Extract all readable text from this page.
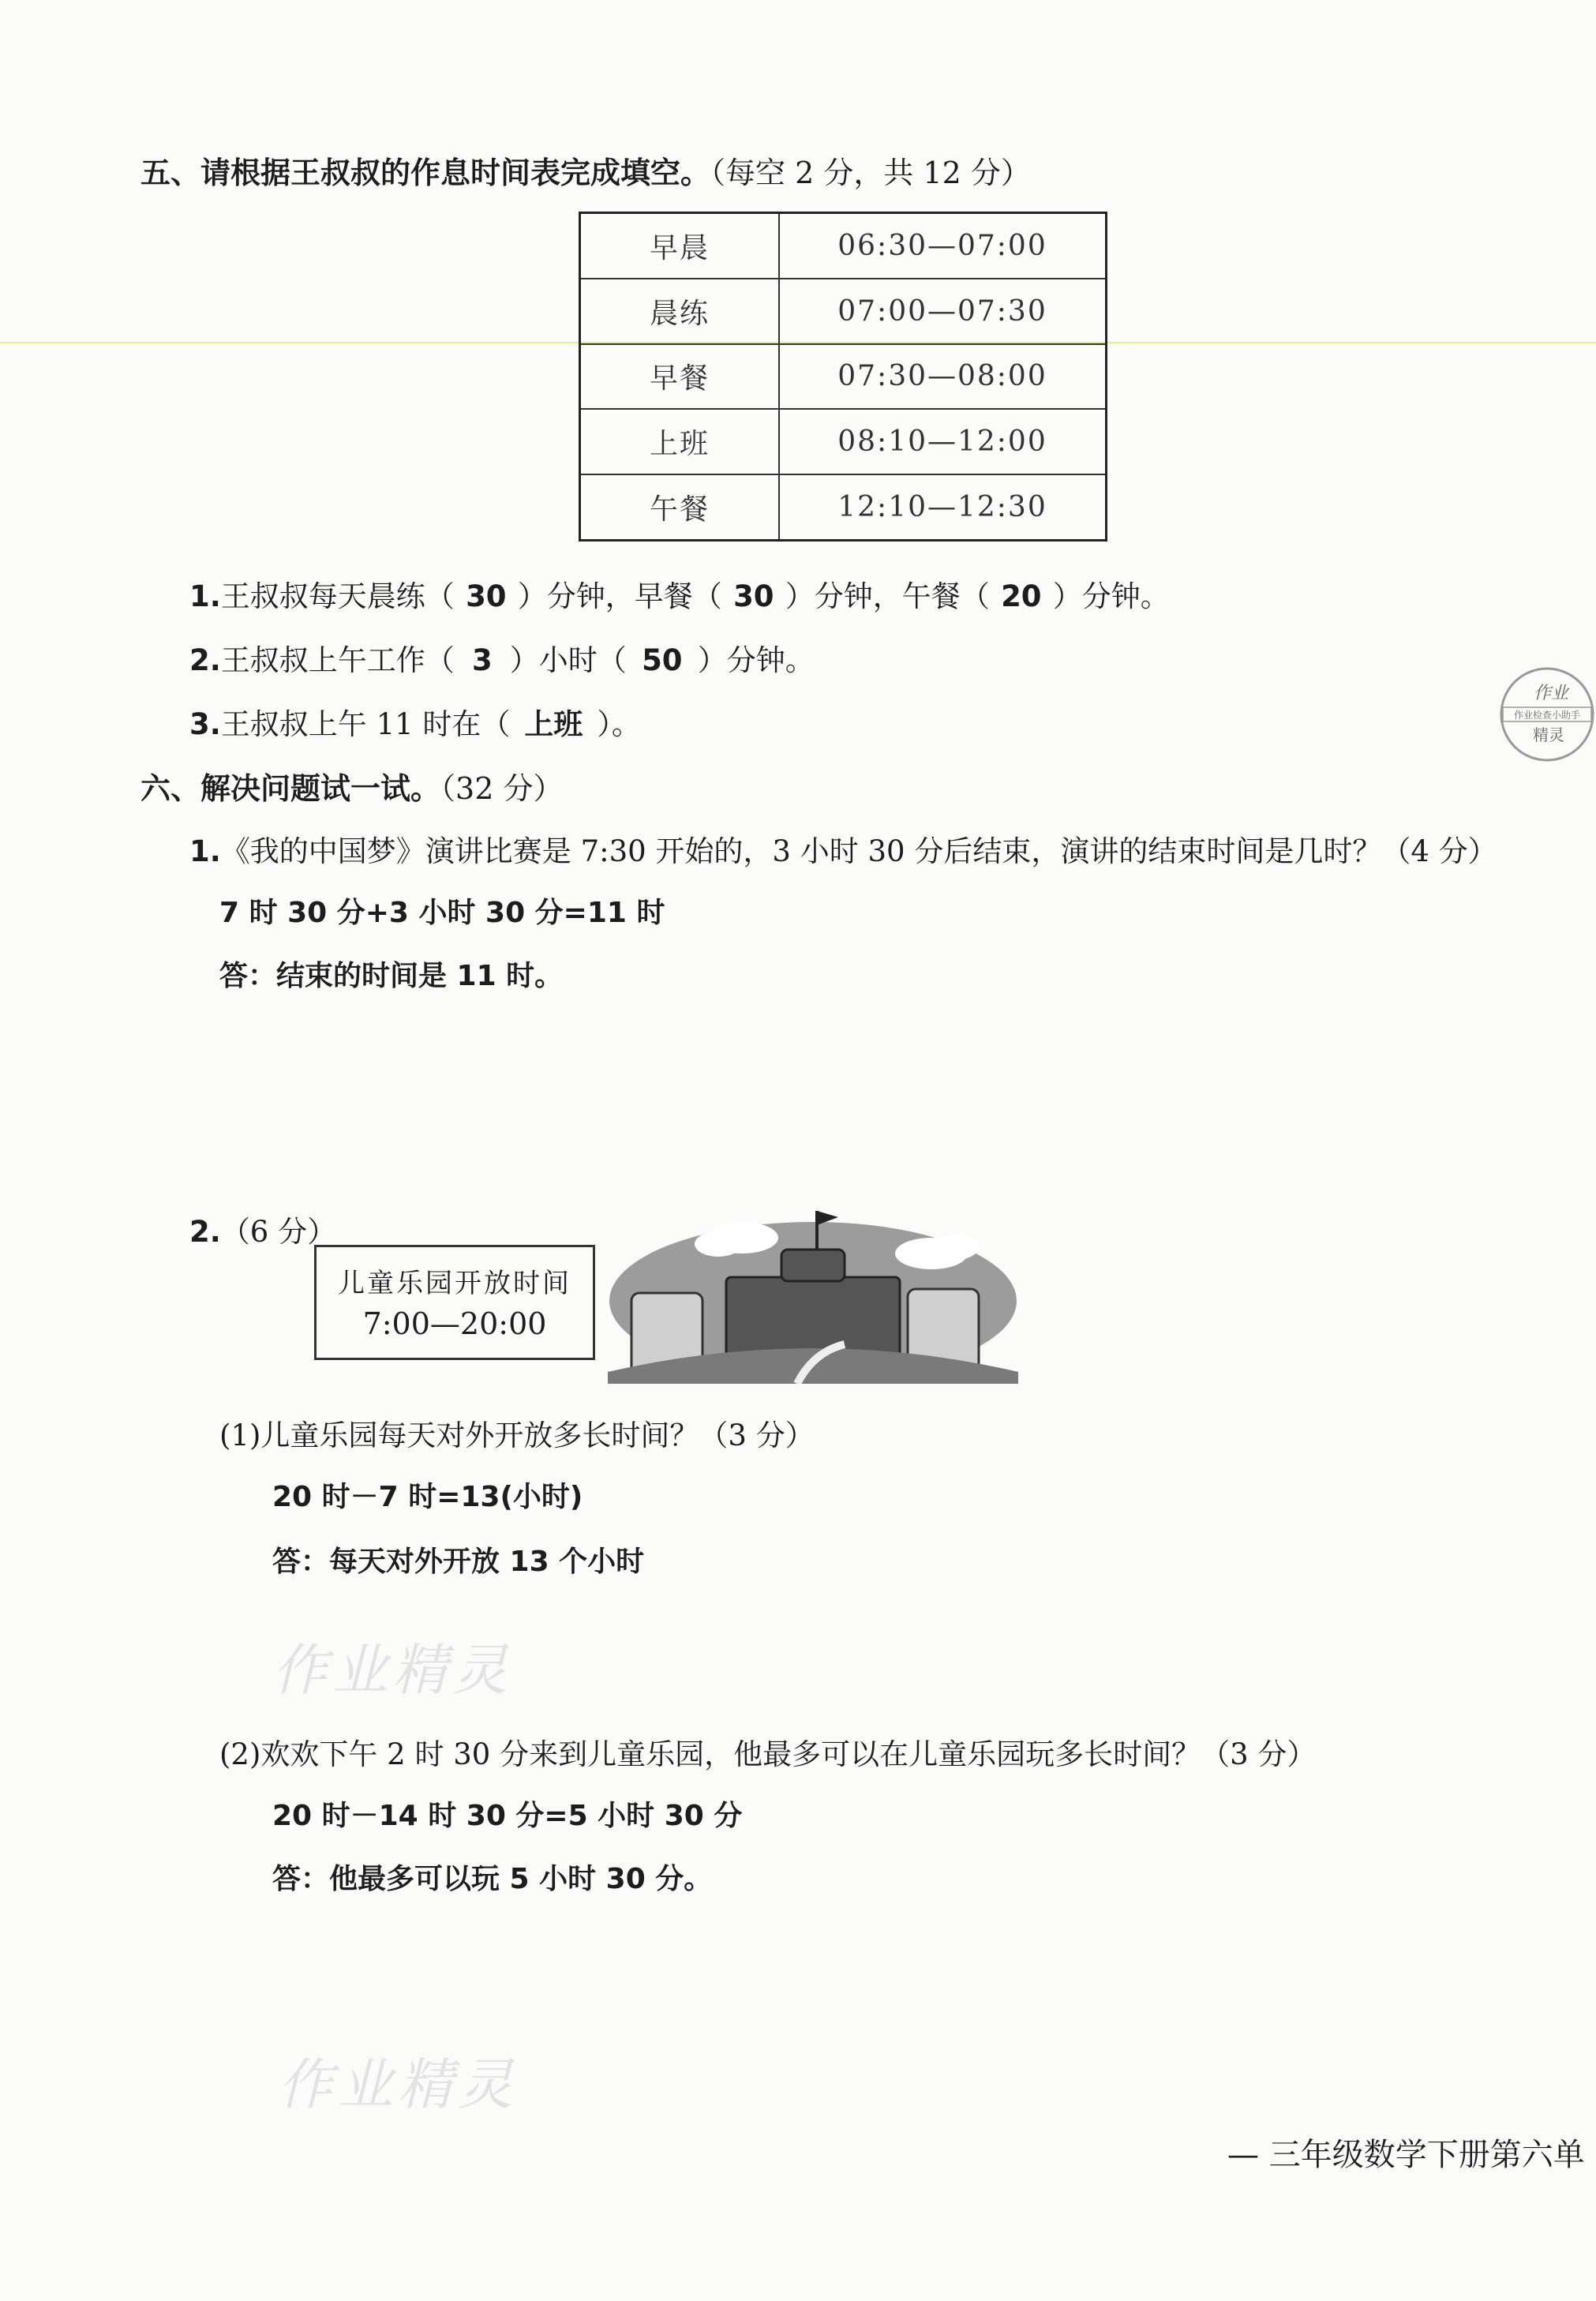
五、请根据王叔叔的作息时间表完成填空。（每空 2 分，共 12 分）
早晨	06:30—07:00
晨练	07:00—07:30
早餐	07:30—08:00
上班	08:10—12:00
午餐	12:10—12:30
1.王叔叔每天晨练（ 30 ）分钟，早餐（ 30 ）分钟，午餐（ 20 ）分钟。
2.王叔叔上午工作（ 3 ）小时（ 50 ）分钟。
3.王叔叔上午 11 时在（ 上班 ）。
作业
作业检查小助手
精灵
六、解决问题试一试。（32 分）
1.《我的中国梦》演讲比赛是 7:30 开始的，3 小时 30 分后结束，演讲的结束时间是几时？（4 分）
7 时 30 分+3 小时 30 分=11 时
答：结束的时间是 11 时。
2.（6 分）
儿童乐园开放时间
7:00—20:00
(1)儿童乐园每天对外开放多长时间？（3 分）
20 时－7 时=13(小时)
答：每天对外开放 13 个小时
作业精灵
(2)欢欢下午 2 时 30 分来到儿童乐园，他最多可以在儿童乐园玩多长时间？（3 分）
20 时－14 时 30 分=5 小时 30 分
答：他最多可以玩 5 小时 30 分。
作业精灵
— 三年级数学下册第六单
